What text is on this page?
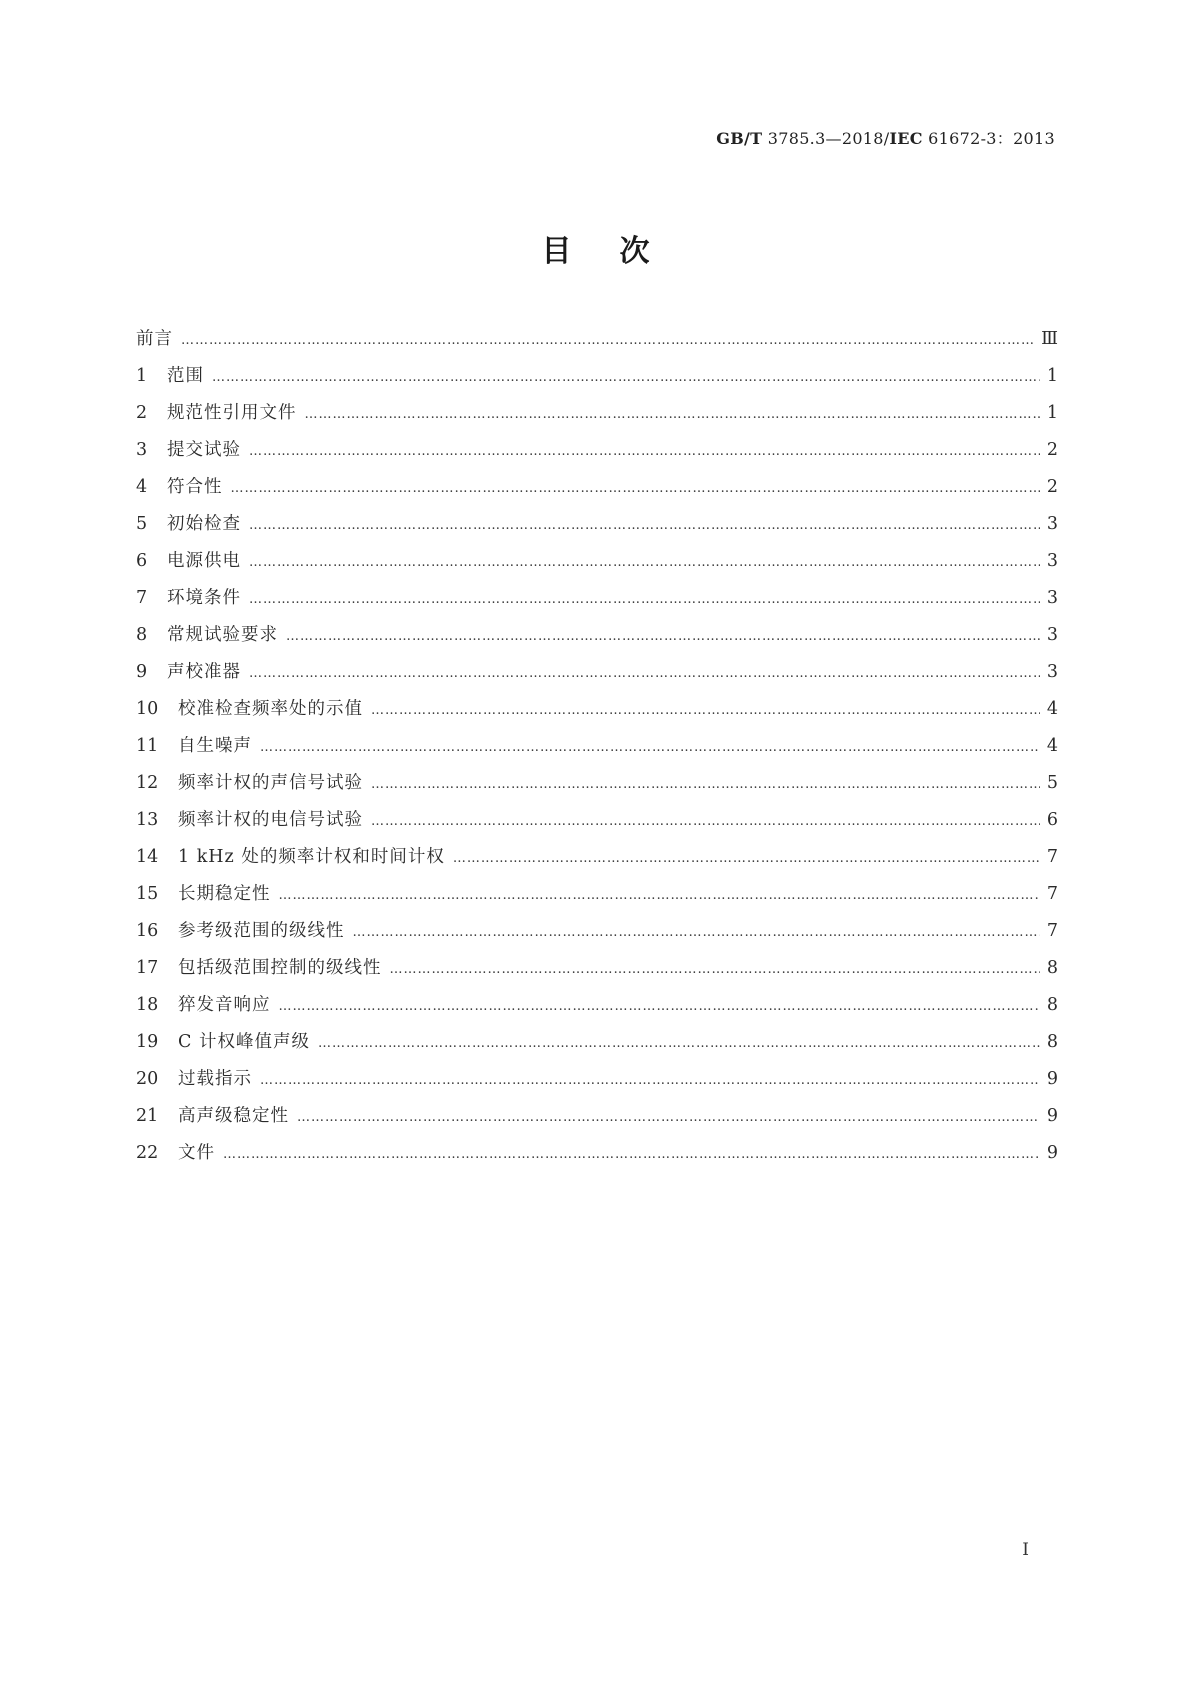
GB/T 3785.3—2018/IEC 61672-3：2013
目次
前言 …………………………………………………………………………………………………………………………………………………………………………………………………………………………………………	Ⅲ
1	范围 …………………………………………………………………………………………………………………………………………………………………………………………………………………………………………	1
2	规范性引用文件 …………………………………………………………………………………………………………………………………………………………………………………………………………………………………………	1
3	提交试验 …………………………………………………………………………………………………………………………………………………………………………………………………………………………………………	2
4	符合性 …………………………………………………………………………………………………………………………………………………………………………………………………………………………………………	2
5	初始检查 …………………………………………………………………………………………………………………………………………………………………………………………………………………………………………	3
6	电源供电 …………………………………………………………………………………………………………………………………………………………………………………………………………………………………………	3
7	环境条件 …………………………………………………………………………………………………………………………………………………………………………………………………………………………………………	3
8	常规试验要求 …………………………………………………………………………………………………………………………………………………………………………………………………………………………………………	3
9	声校准器 …………………………………………………………………………………………………………………………………………………………………………………………………………………………………………	3
10	校准检查频率处的示值 …………………………………………………………………………………………………………………………………………………………………………………………………………………………………………	4
11	自生噪声 …………………………………………………………………………………………………………………………………………………………………………………………………………………………………………	4
12	频率计权的声信号试验 …………………………………………………………………………………………………………………………………………………………………………………………………………………………………………	5
13	频率计权的电信号试验 …………………………………………………………………………………………………………………………………………………………………………………………………………………………………………	6
14	1 kHz 处的频率计权和时间计权 …………………………………………………………………………………………………………………………………………………………………………………………………………………………………………	7
15	长期稳定性 …………………………………………………………………………………………………………………………………………………………………………………………………………………………………………	7
16	参考级范围的级线性 …………………………………………………………………………………………………………………………………………………………………………………………………………………………………………	7
17	包括级范围控制的级线性 …………………………………………………………………………………………………………………………………………………………………………………………………………………………………………	8
18	猝发音响应 …………………………………………………………………………………………………………………………………………………………………………………………………………………………………………	8
19	C 计权峰值声级 …………………………………………………………………………………………………………………………………………………………………………………………………………………………………………	8
20	过载指示 …………………………………………………………………………………………………………………………………………………………………………………………………………………………………………	9
21	高声级稳定性 …………………………………………………………………………………………………………………………………………………………………………………………………………………………………………	9
22	文件 …………………………………………………………………………………………………………………………………………………………………………………………………………………………………………	9
I
